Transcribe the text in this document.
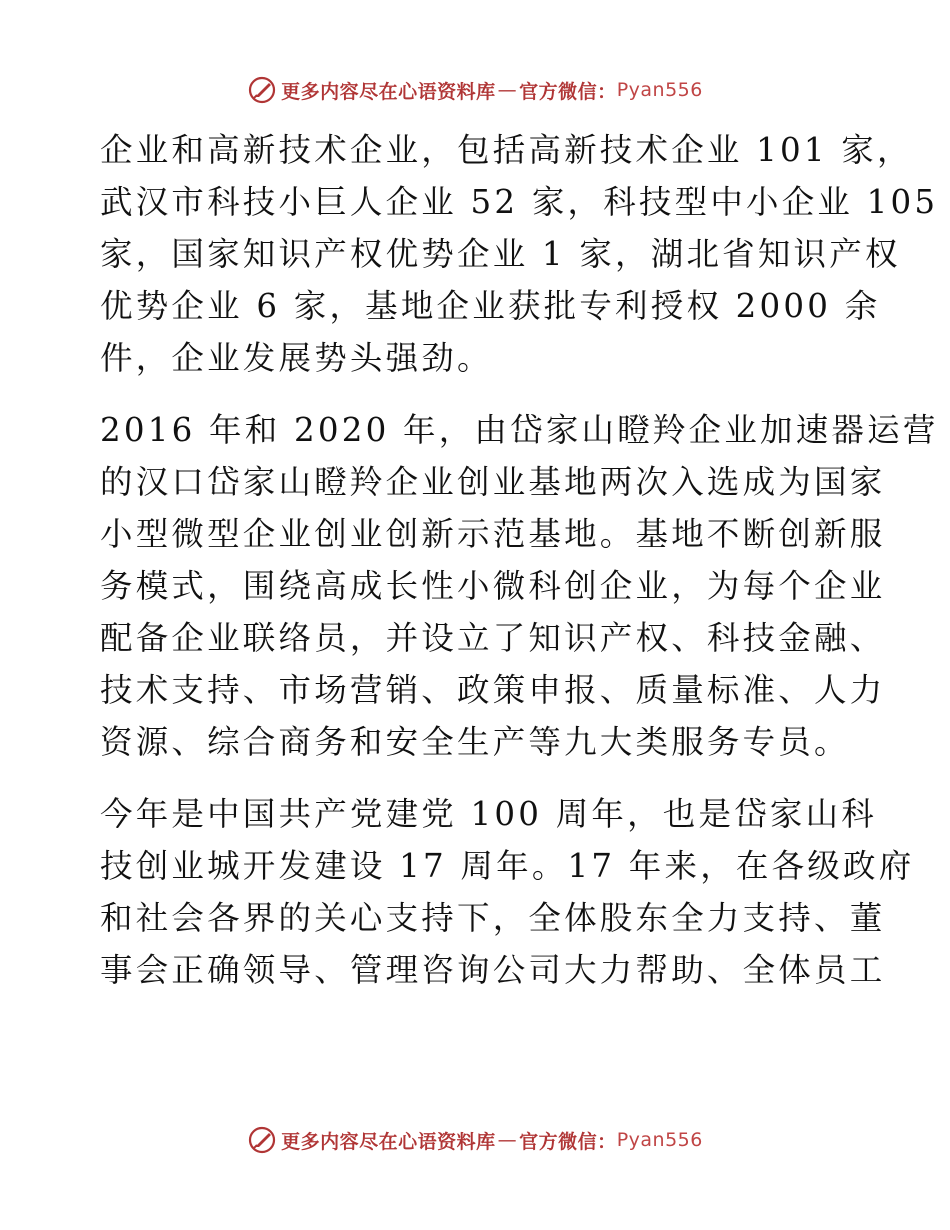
更多内容尽在心语资料库 — 官方微信： Pyan556

企业和高新技术企业，包括高新技术企业 101 家，
武汉市科技小巨人企业 52 家，科技型中小企业 105
家，国家知识产权优势企业 1 家，湖北省知识产权
优势企业 6 家，基地企业获批专利授权 2000 余
件，企业发展势头强劲。

2016 年和 2020 年，由岱家山瞪羚企业加速器运营
的汉口岱家山瞪羚企业创业基地两次入选成为国家
小型微型企业创业创新示范基地。基地不断创新服
务模式，围绕高成长性小微科创企业，为每个企业
配备企业联络员，并设立了知识产权、科技金融、
技术支持、市场营销、政策申报、质量标准、人力
资源、综合商务和安全生产等九大类服务专员。

今年是中国共产党建党 100 周年，也是岱家山科
技创业城开发建设 17 周年。17 年来，在各级政府
和社会各界的关心支持下，全体股东全力支持、董
事会正确领导、管理咨询公司大力帮助、全体员工

更多内容尽在心语资料库 — 官方微信： Pyan556
